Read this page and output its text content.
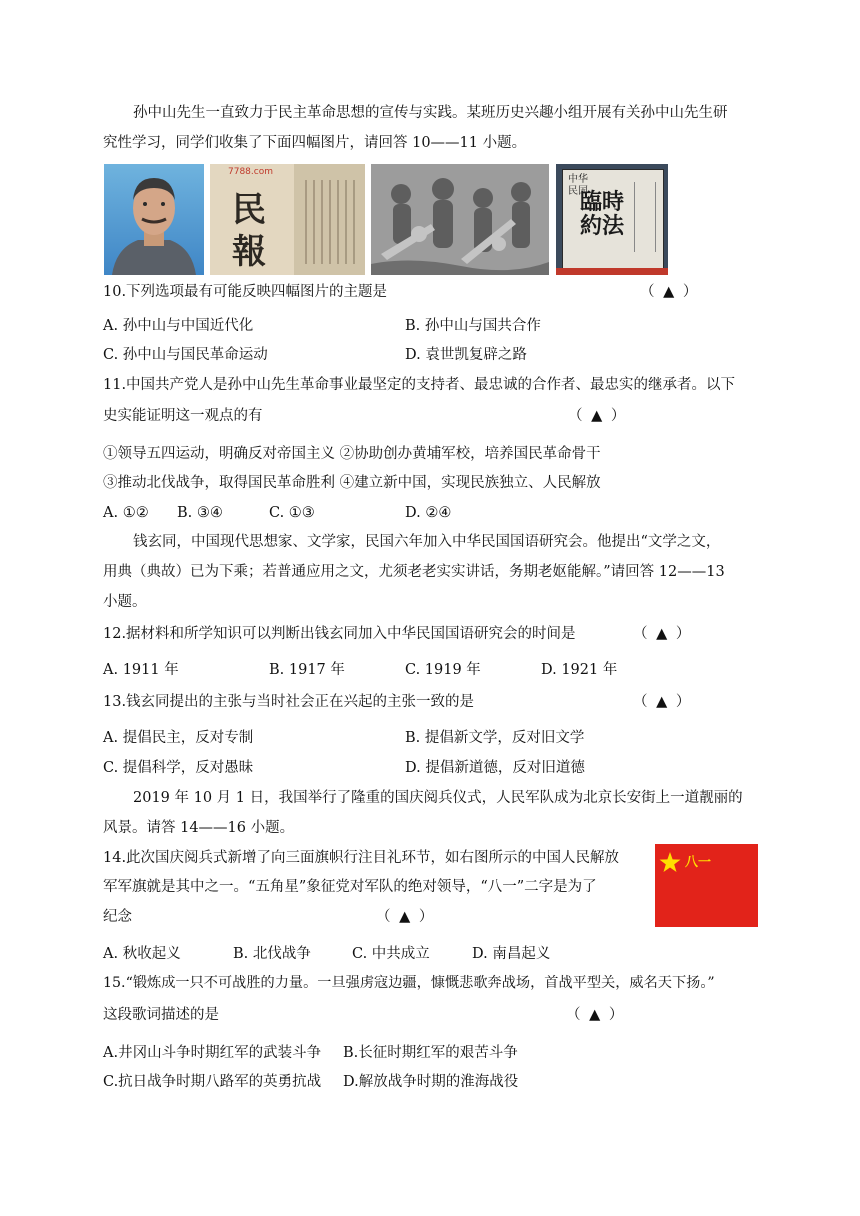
孙中山先生一直致力于民主革命思想的宣传与实践。某班历史兴趣小组开展有关孙中山先生研
究性学习，同学们收集了下面四幅图片，请回答 10——11 小题。
7788.com
民
報
中华 民国
臨時約法
10.下列选项最有可能反映四幅图片的主题是	（ ▲ ）
A. 孙中山与中国近代化	B. 孙中山与国共合作
C. 孙中山与国民革命运动	D. 袁世凯复辟之路
11.中国共产党人是孙中山先生革命事业最坚定的支持者、最忠诚的合作者、最忠实的继承者。以下
史实能证明这一观点的有	（ ▲ ）
①领导五四运动，明确反对帝国主义 ②协助创办黄埔军校，培养国民革命骨干
③推动北伐战争，取得国民革命胜利 ④建立新中国，实现民族独立、人民解放
A. ①② B. ③④	C. ①③	D. ②④
钱玄同，中国现代思想家、文学家，民国六年加入中华民国国语研究会。他提出“文学之文，
用典（典故）已为下乘；若普通应用之文，尤须老老实实讲话，务期老妪能解。”请回答 12——13
小题。
12.据材料和所学知识可以判断出钱玄同加入中华民国国语研究会的时间是	（ ▲ ）
A. 1911 年	B. 1917 年	C. 1919 年	D. 1921 年
13.钱玄同提出的主张与当时社会正在兴起的主张一致的是	（ ▲ ）
A. 提倡民主，反对专制	B. 提倡新文学，反对旧文学
C. 提倡科学，反对愚昧	D. 提倡新道德，反对旧道德
2019 年 10 月 1 日，我国举行了隆重的国庆阅兵仪式，人民军队成为北京长安街上一道靓丽的
风景。请答 14——16 小题。
14.此次国庆阅兵式新增了向三面旗帜行注目礼环节，如右图所示的中国人民解放
军军旗就是其中之一。“五角星”象征党对军队的绝对领导，“八一”二字是为了
纪念	（ ▲ ）
八一
A. 秋收起义	B. 北伐战争	C. 中共成立	D. 南昌起义
15.“锻炼成一只不可战胜的力量。一旦强虏寇边疆，慷慨悲歌奔战场，首战平型关，威名天下扬。”
这段歌词描述的是	（ ▲ ）
A.井冈山斗争时期红军的武装斗争 B.长征时期红军的艰苦斗争
C.抗日战争时期八路军的英勇抗战 D.解放战争时期的淮海战役
